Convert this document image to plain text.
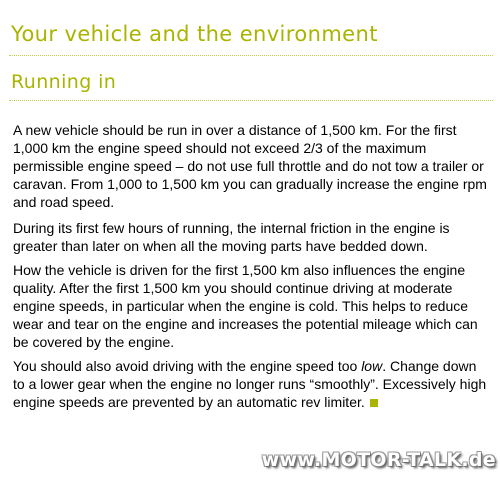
Your vehicle and the environment
Running in

A new vehicle should be run in over a distance of 1,500 km. For the first 1,000 km the engine speed should not exceed 2/3 of the maximum permissible engine speed – do not use full throttle and do not tow a trailer or caravan. From 1,000 to 1,500 km you can gradually increase the engine rpm and road speed.

During its first few hours of running, the internal friction in the engine is greater than later on when all the moving parts have bedded down.

How the vehicle is driven for the first 1,500 km also influences the engine quality. After the first 1,500 km you should continue driving at moderate engine speeds, in particular when the engine is cold. This helps to reduce wear and tear on the engine and increases the potential mileage which can be covered by the engine.

You should also avoid driving with the engine speed too low. Change down to a lower gear when the engine no longer runs “smoothly”. Excessively high engine speeds are prevented by an automatic rev limiter.

www.MOTOR-TALK.de
